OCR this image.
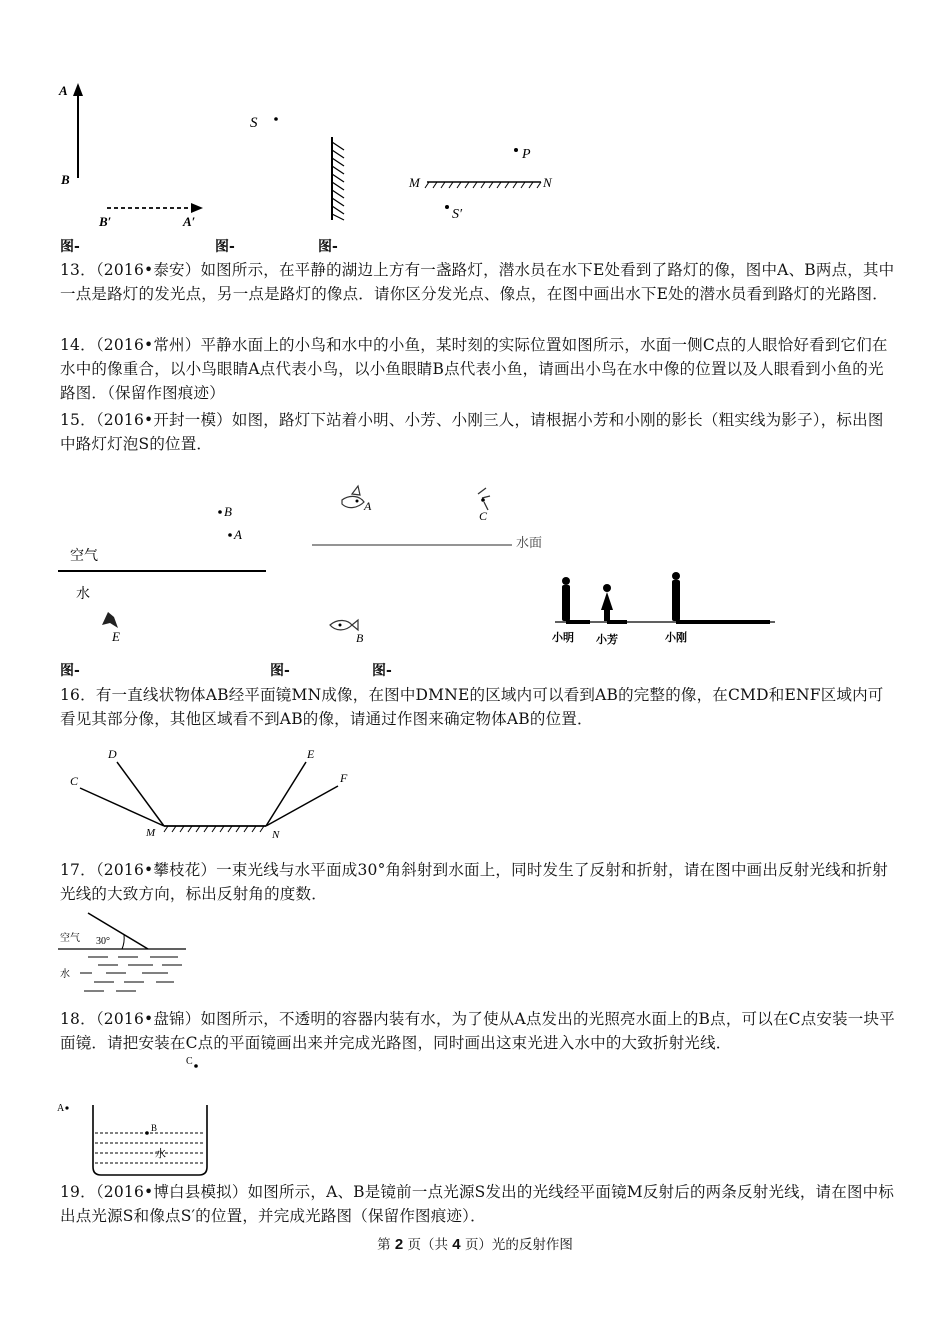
A
B
B′	A′
S
P
M	N
S′
图-	图-	图-
13．（2016•泰安）如图所示，在平静的湖边上方有一盏路灯，潜水员在水下E处看到了路灯的像，图中A、B两点，其中一点是路灯的发光点，另一点是路灯的像点．请你区分发光点、像点，在图中画出水下E处的潜水员看到路灯的光路图．
14．（2016•常州）平静水面上的小鸟和水中的小鱼，某时刻的实际位置如图所示，水面一侧C点的人眼恰好看到它们在水中的像重合，以小鸟眼睛A点代表小鸟，以小鱼眼睛B点代表小鱼，请画出小鸟在水中像的位置以及人眼看到小鱼的光路图．（保留作图痕迹）
15．（2016•开封一模）如图，路灯下站着小明、小芳、小刚三人，请根据小芳和小刚的影长（粗实线为影子），标出图中路灯灯泡S的位置．
B
A
空气
水
E
A
C
水面
B	小明 小芳	小刚
图-	图-	图-
16．有一直线状物体AB经平面镜MN成像，在图中DMNE的区域内可以看到AB的完整的像，在CMD和ENF区域内可看见其部分像，其他区域看不到AB的像，请通过作图来确定物体AB的位置．
D
C
E
F
M	N
17．（2016•攀枝花）一束光线与水平面成30°角斜射到水面上，同时发生了反射和折射，请在图中画出反射光线和折射光线的大致方向，标出反射角的度数．
空气 30°
水
18．（2016•盘锦）如图所示，不透明的容器内装有水，为了使从A点发出的光照亮水面上的B点，可以在C点安装一块平面镜．请把安装在C点的平面镜画出来并完成光路图，同时画出这束光进入水中的大致折射光线．
C
A
B
水
19．（2016•博白县模拟）如图所示，A、B是镜前一点光源S发出的光线经平面镜M反射后的两条反射光线，请在图中标出点光源S和像点S′的位置，并完成光路图（保留作图痕迹）．
第 2 页（共 4 页）光的反射作图
